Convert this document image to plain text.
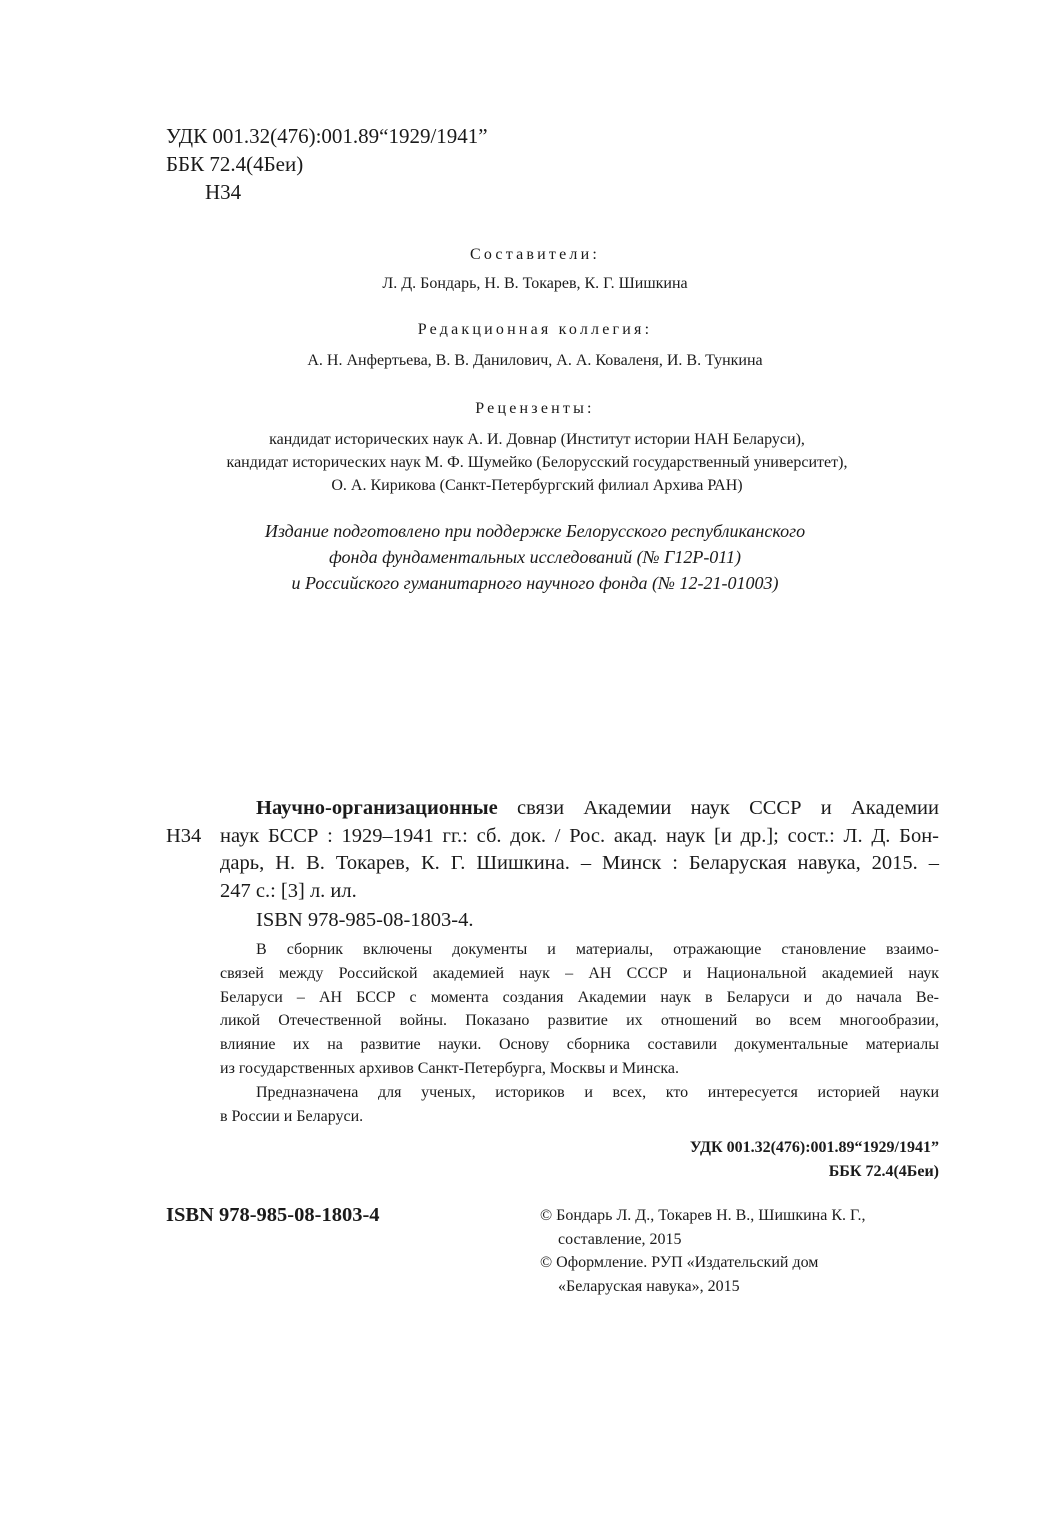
УДК 001.32(476):001.89“1929/1941”
ББК 72.4(4Беи)
Н34
Составители:
Л. Д. Бондарь, Н. В. Токарев, К. Г. Шишкина
Редакционная коллегия:
А. Н. Анфертьева, В. В. Данилович, А. А. Коваленя, И. В. Тункина
Рецензенты:
кандидат исторических наук А. И. Довнар (Институт истории НАН Беларуси),
кандидат исторических наук М. Ф. Шумейко (Белорусский государственный университет),
О. А. Кирикова (Санкт-Петербургский филиал Архива РАН)
Издание подготовлено при поддержке Белорусского республиканского
фонда фундаментальных исследований (№ Г12Р-011)
и Российского гуманитарного научного фонда (№ 12-21-01003)
Н34
Научно-организационные связи Академии наук СССР и Академии
наук БССР : 1929–1941 гг.: сб. док. / Рос. акад. наук [и др.]; сост.: Л. Д. Бон-
дарь, Н. В. Токарев, К. Г. Шишкина. – Минск : Беларуская навука, 2015. –
247 с.: [3] л. ил.
ISBN 978-985-08-1803-4.
В сборник включены документы и материалы, отражающие становление взаимо-
связей между Российской академией наук – АН СССР и Национальной академией наук
Беларуси – АН БССР с момента создания Академии наук в Беларуси и до начала Ве-
ликой Отечественной войны. Показано развитие их отношений во всем многообразии,
влияние их на развитие науки. Основу сборника составили документальные материалы
из государственных архивов Санкт-Петербурга, Москвы и Минска.
Предназначена для ученых, историков и всех, кто интересуется историей науки
в России и Беларуси.
УДК 001.32(476):001.89“1929/1941”
ББК 72.4(4Беи)
ISBN 978-985-08-1803-4	© Бондарь Л. Д., Токарев Н. В., Шишкина К. Г.,
составление, 2015
© Оформление. РУП «Издательский дом
«Беларуская навука», 2015
